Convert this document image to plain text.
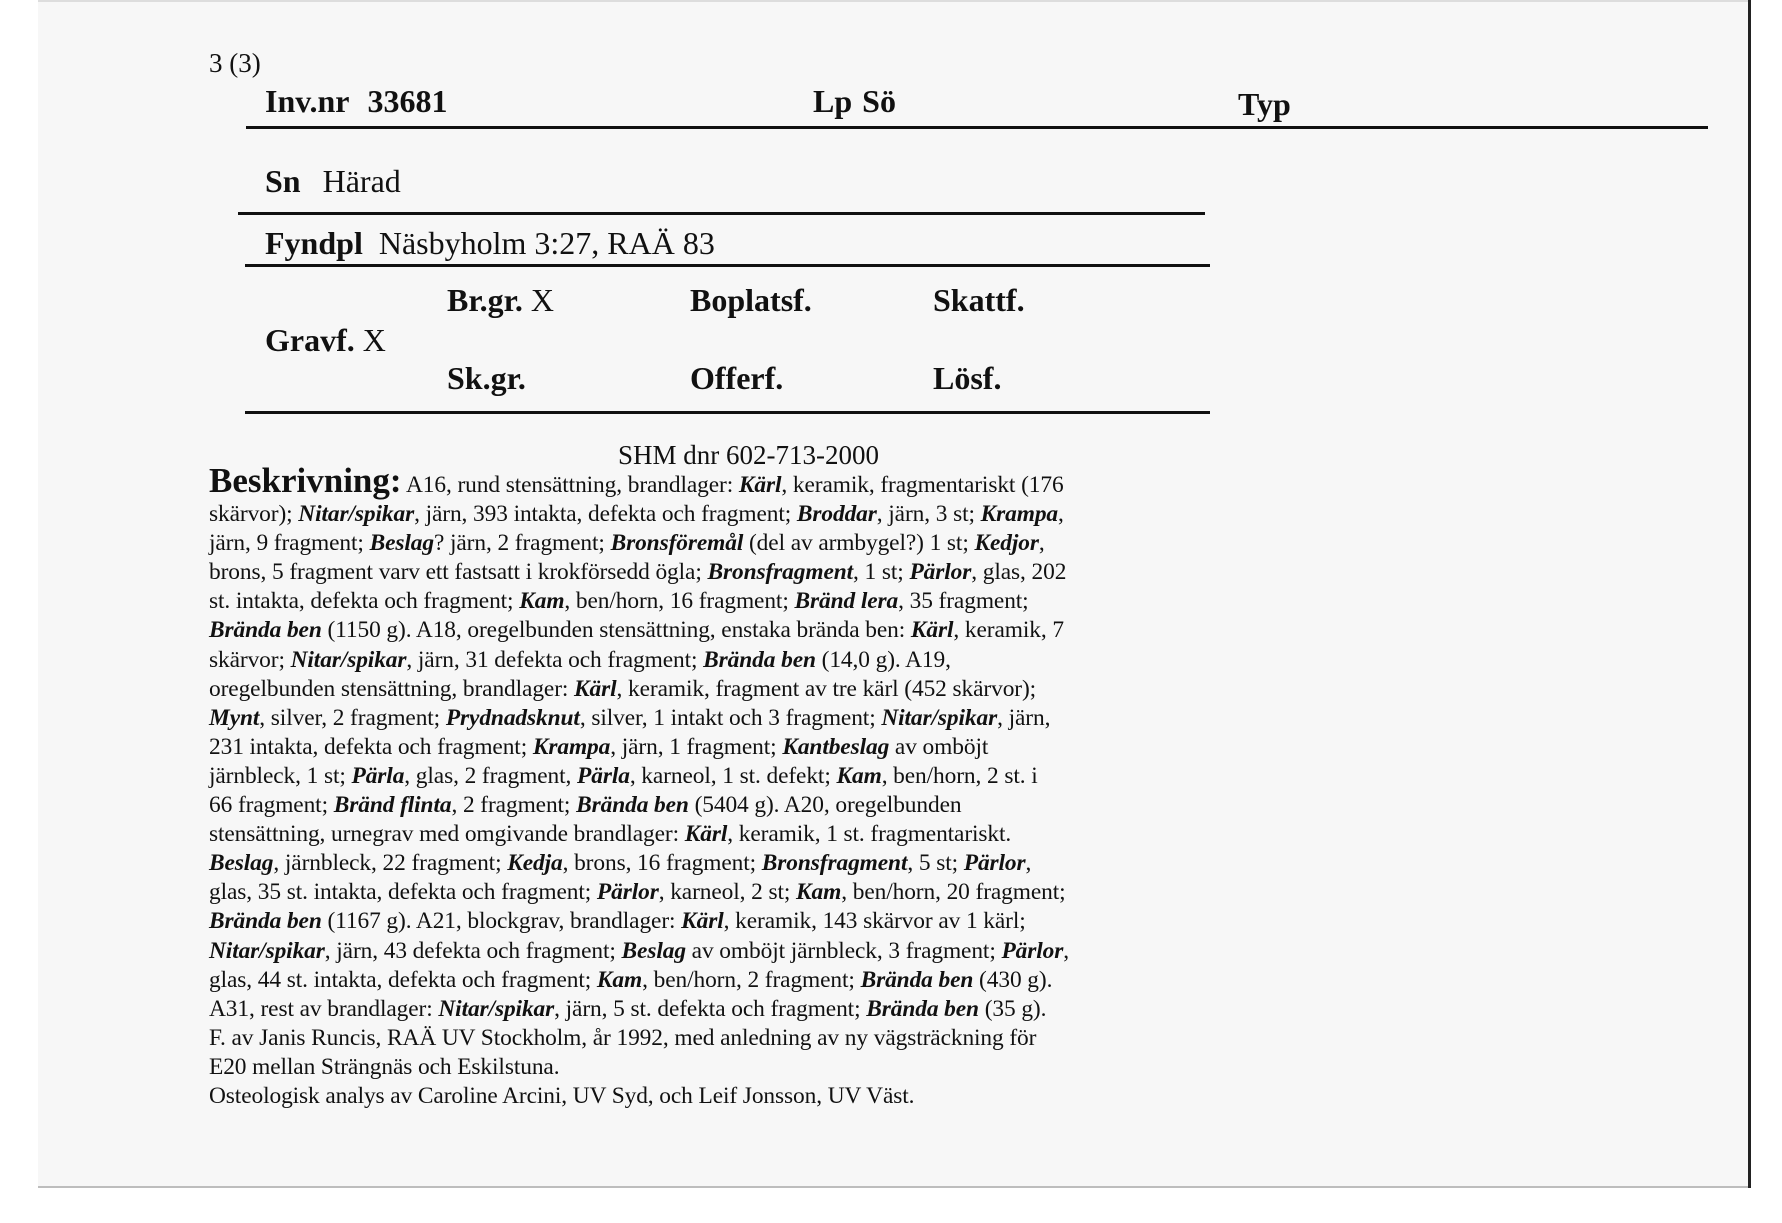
3 (3)
Inv.nr 33681	Lp Sö	Typ
Sn Härad
Fyndpl Näsbyholm 3:27, RAÄ 83
Gravf. X
Br.gr. X
Sk.gr.
Boplatsf.
Offerf.
Skattf.
Lösf.
SHM dnr 602-713-2000
Beskrivning: A16, rund stensättning, brandlager: Kärl, keramik, fragmentariskt (176
skärvor); Nitar/spikar, järn, 393 intakta, defekta och fragment; Broddar, järn, 3 st; Krampa,
järn, 9 fragment; Beslag? järn, 2 fragment; Bronsföremål (del av armbygel?) 1 st; Kedjor,
brons, 5 fragment varv ett fastsatt i krokförsedd ögla; Bronsfragment, 1 st; Pärlor, glas, 202
st. intakta, defekta och fragment; Kam, ben/horn, 16 fragment; Bränd lera, 35 fragment;
Brända ben (1150 g). A18, oregelbunden stensättning, enstaka brända ben: Kärl, keramik, 7
skärvor; Nitar/spikar, järn, 31 defekta och fragment; Brända ben (14,0 g). A19,
oregelbunden stensättning, brandlager: Kärl, keramik, fragment av tre kärl (452 skärvor);
Mynt, silver, 2 fragment; Prydnadsknut, silver, 1 intakt och 3 fragment; Nitar/spikar, järn,
231 intakta, defekta och fragment; Krampa, järn, 1 fragment; Kantbeslag av omböjt
järnbleck, 1 st; Pärla, glas, 2 fragment, Pärla, karneol, 1 st. defekt; Kam, ben/horn, 2 st. i
66 fragment; Bränd flinta, 2 fragment; Brända ben (5404 g). A20, oregelbunden
stensättning, urnegrav med omgivande brandlager: Kärl, keramik, 1 st. fragmentariskt.
Beslag, järnbleck, 22 fragment; Kedja, brons, 16 fragment; Bronsfragment, 5 st; Pärlor,
glas, 35 st. intakta, defekta och fragment; Pärlor, karneol, 2 st; Kam, ben/horn, 20 fragment;
Brända ben (1167 g). A21, blockgrav, brandlager: Kärl, keramik, 143 skärvor av 1 kärl;
Nitar/spikar, järn, 43 defekta och fragment; Beslag av omböjt järnbleck, 3 fragment; Pärlor,
glas, 44 st. intakta, defekta och fragment; Kam, ben/horn, 2 fragment; Brända ben (430 g).
A31, rest av brandlager: Nitar/spikar, järn, 5 st. defekta och fragment; Brända ben (35 g).
F. av Janis Runcis, RAÄ UV Stockholm, år 1992, med anledning av ny vägsträckning för
E20 mellan Strängnäs och Eskilstuna.
Osteologisk analys av Caroline Arcini, UV Syd, och Leif Jonsson, UV Väst.
